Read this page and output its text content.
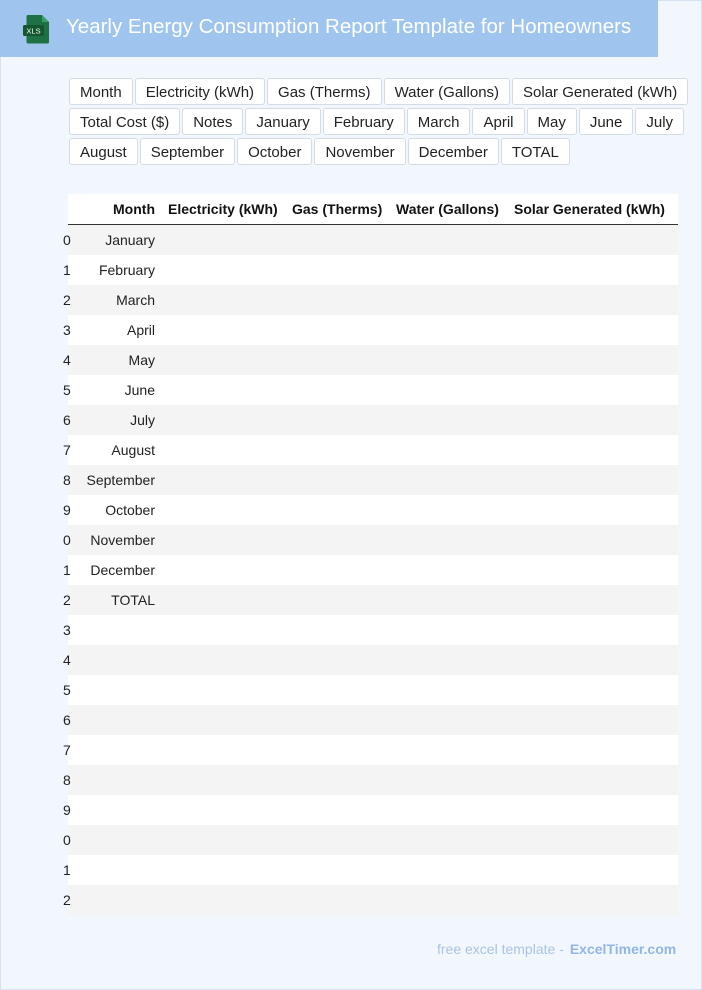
XLS Yearly Energy Consumption Report Template for Homeowners
Month	Electricity (kWh)	Gas (Therms)	Water (Gallons)	Solar Generated (kWh)
Total Cost ($)	Notes	January	February	March	April	May	June	July
August	September	October	November	December	TOTAL
Month	Electricity (kWh)	Gas (Therms)	Water (Gallons)	Solar Generated (kWh)

0 January				

1 February				

2 March				

3 April				

4 May				

5 June				

6 July				

7 August				

8 September				

9 October				

0 November				

1 December				

2 TOTAL				

3				

4				

5				

6				

7				

8				

9				

0				

1				

2				

free excel template - ExcelTimer.com
